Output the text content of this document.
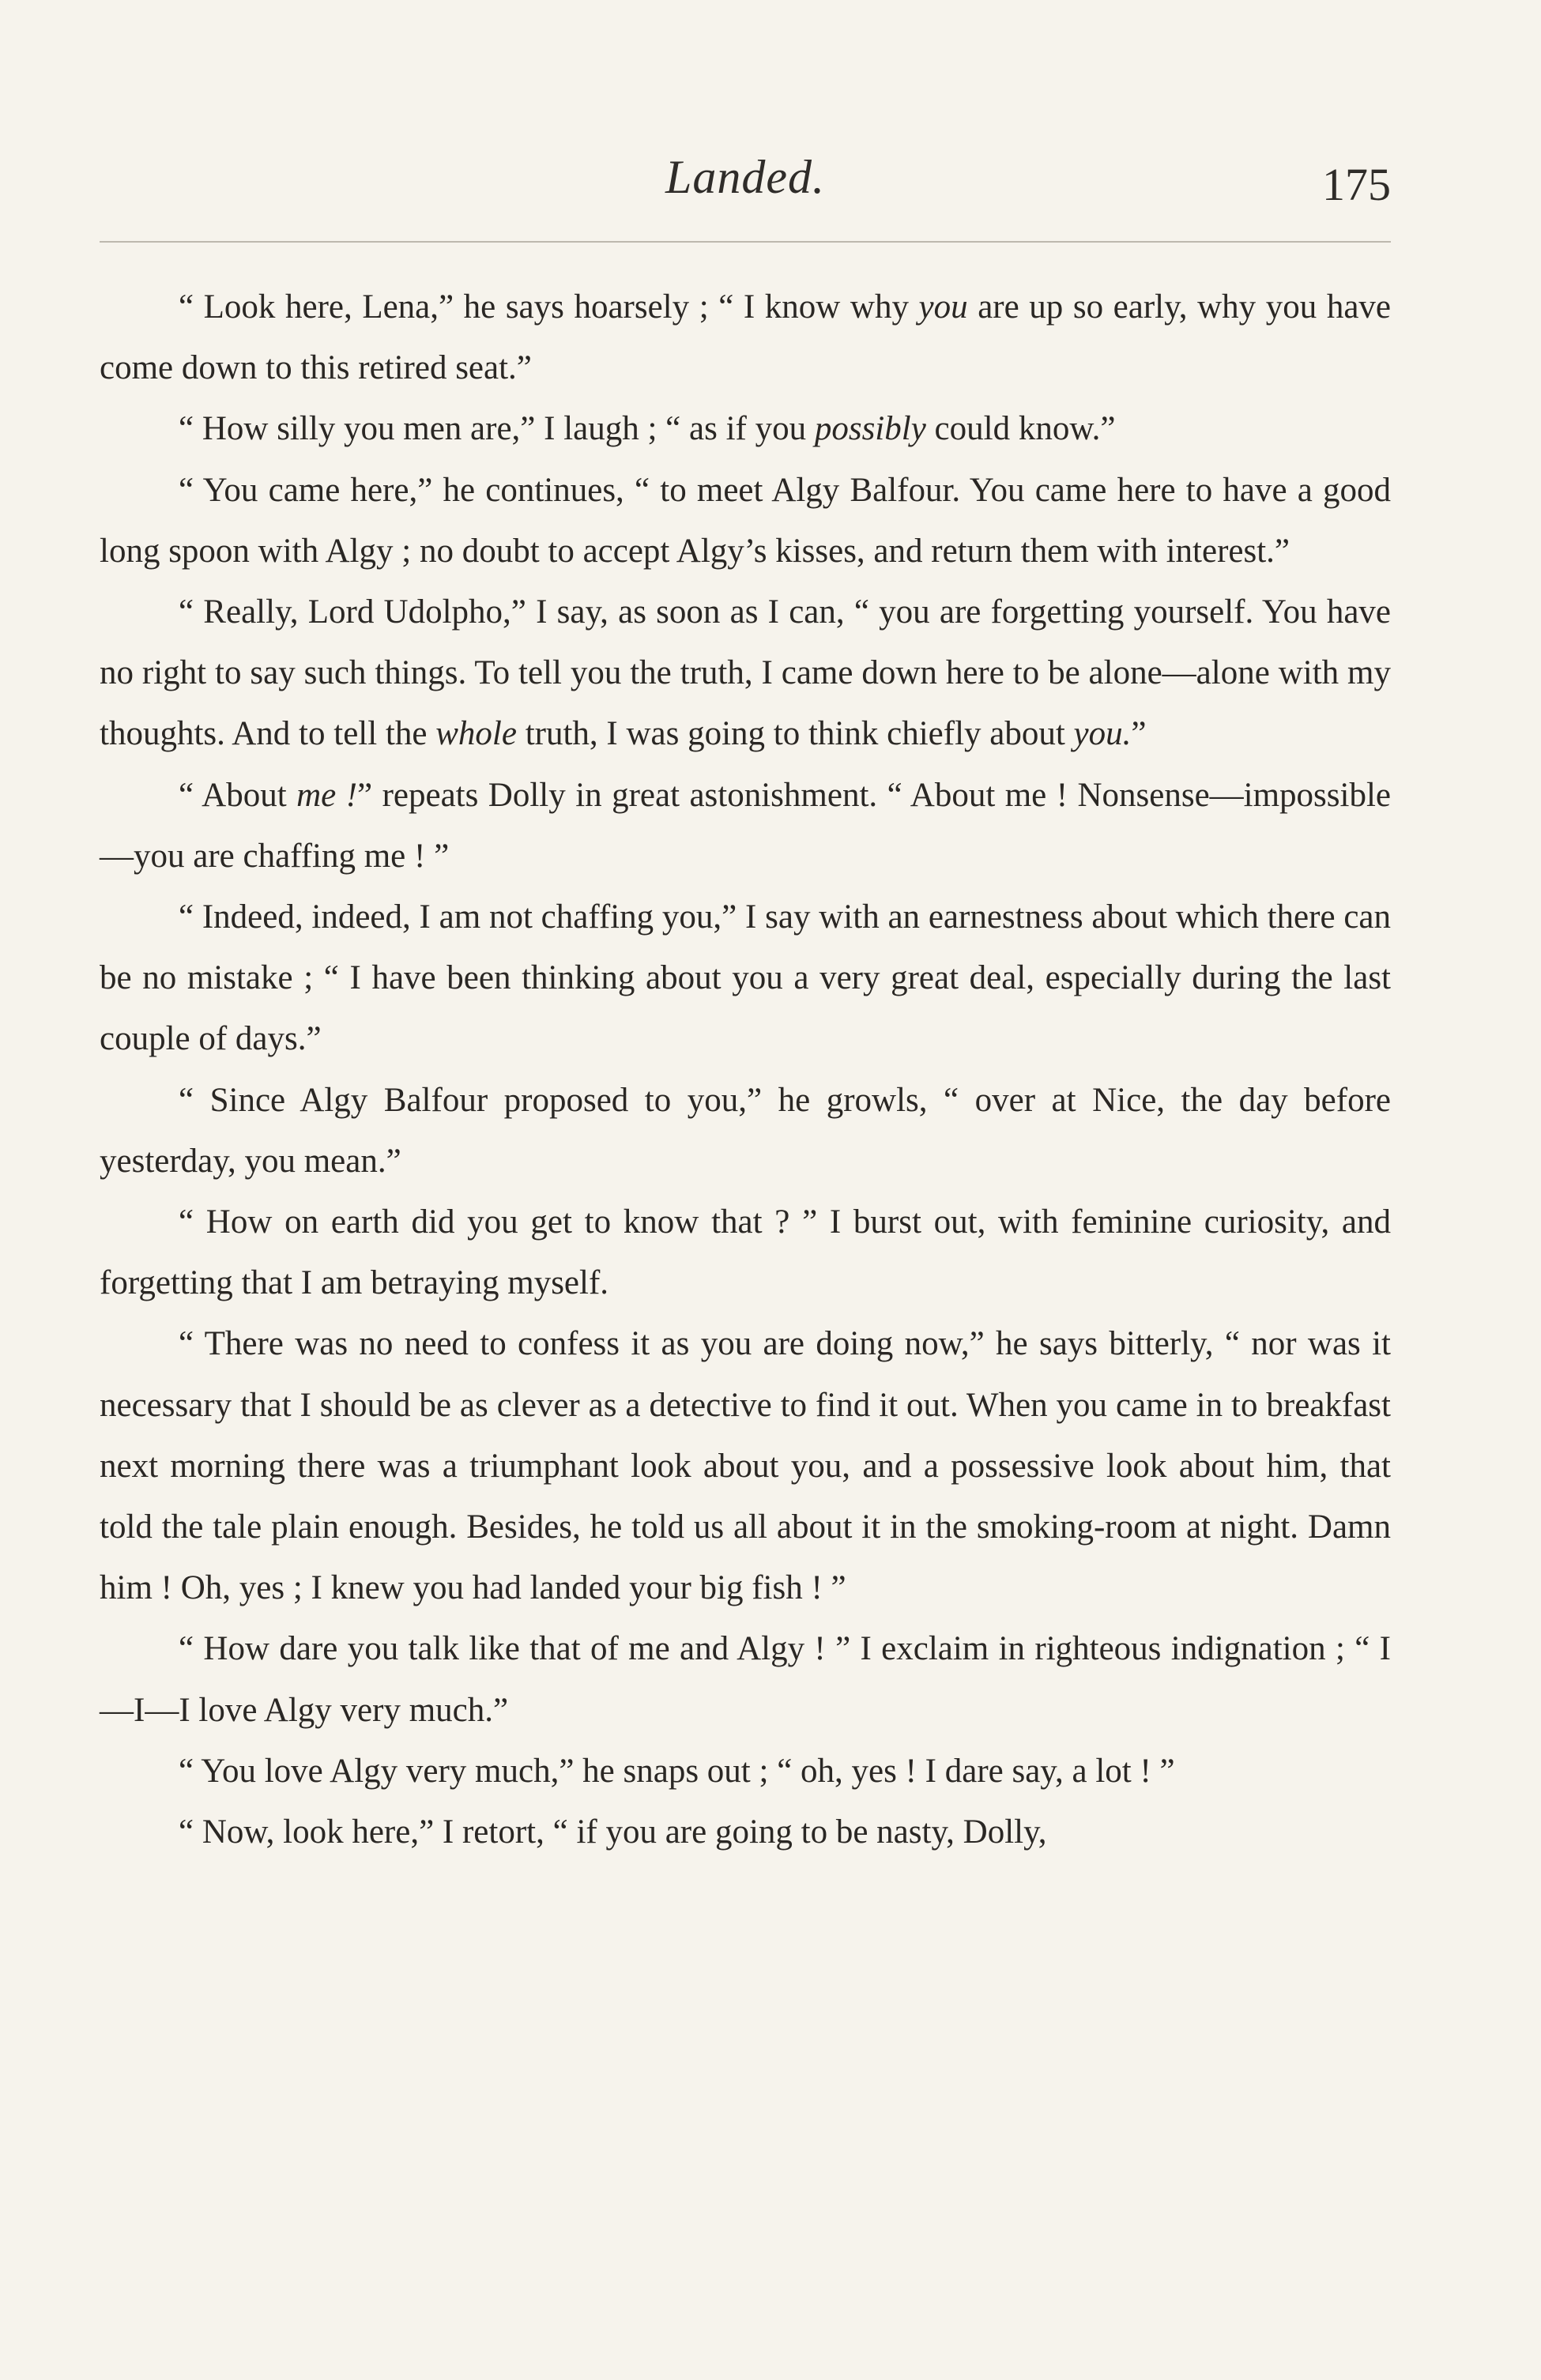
Landed.	175

“ Look here, Lena,” he says hoarsely ; “ I know why you are up so early, why you have come down to this retired seat.”

“ How silly you men are,” I laugh ; “ as if you possibly could know.”

“ You came here,” he continues, “ to meet Algy Balfour. You came here to have a good long spoon with Algy ; no doubt to accept Algy’s kisses, and return them with interest.”

“ Really, Lord Udolpho,” I say, as soon as I can, “ you are forgetting yourself. You have no right to say such things. To tell you the truth, I came down here to be alone—alone with my thoughts. And to tell the whole truth, I was going to think chiefly about you.”

“ About me !” repeats Dolly in great astonishment. “ About me ! Nonsense—impossible—you are chaffing me ! ”

“ Indeed, indeed, I am not chaffing you,” I say with an earnestness about which there can be no mistake ; “ I have been thinking about you a very great deal, especially during the last couple of days.”

“ Since Algy Balfour proposed to you,” he growls, “ over at Nice, the day before yesterday, you mean.”

“ How on earth did you get to know that ? ” I burst out, with feminine curiosity, and forgetting that I am betraying myself.

“ There was no need to confess it as you are doing now,” he says bitterly, “ nor was it necessary that I should be as clever as a detective to find it out. When you came in to breakfast next morning there was a triumphant look about you, and a possessive look about him, that told the tale plain enough. Besides, he told us all about it in the smoking-room at night. Damn him ! Oh, yes ; I knew you had landed your big fish ! ”

“ How dare you talk like that of me and Algy ! ” I exclaim in righteous indignation ; “ I—I—I love Algy very much.”

“ You love Algy very much,” he snaps out ; “ oh, yes ! I dare say, a lot ! ”

“ Now, look here,” I retort, “ if you are going to be nasty, Dolly,
